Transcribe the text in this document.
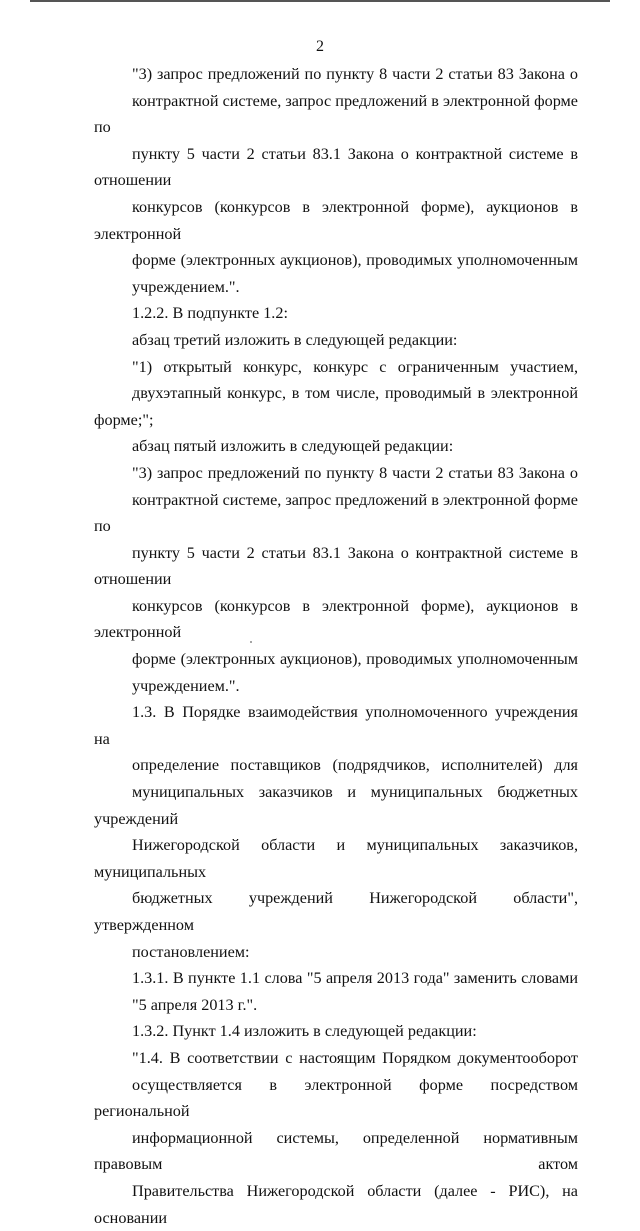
2
"3) запрос предложений по пункту 8 части 2 статьи 83 Закона о
контрактной системе, запрос предложений в электронной форме по
пункту 5 части 2 статьи 83.1 Закона о контрактной системе в отношении
конкурсов (конкурсов в электронной форме), аукционов в электронной
форме (электронных аукционов), проводимых уполномоченным
учреждением.".
1.2.2. В подпункте 1.2:
абзац третий изложить в следующей редакции:
"1) открытый конкурс, конкурс с ограниченным участием,
двухэтапный конкурс, в том числе, проводимый в электронной форме;";
абзац пятый изложить в следующей редакции:
"3) запрос предложений по пункту 8 части 2 статьи 83 Закона о
контрактной системе, запрос предложений в электронной форме по
пункту 5 части 2 статьи 83.1 Закона о контрактной системе в отношении
конкурсов (конкурсов в электронной форме), аукционов в электронной
форме (электронных аукционов), проводимых уполномоченным
учреждением.".
1.3. В Порядке взаимодействия уполномоченного учреждения на
определение поставщиков (подрядчиков, исполнителей) для
муниципальных заказчиков и муниципальных бюджетных учреждений
Нижегородской области и муниципальных заказчиков, муниципальных
бюджетных учреждений Нижегородской области", утвержденном
постановлением:
1.3.1. В пункте 1.1 слова "5 апреля 2013 года" заменить словами
"5 апреля 2013 г.".
1.3.2. Пункт 1.4 изложить в следующей редакции:
"1.4. В соответствии с настоящим Порядком документооборот
осуществляется в электронной форме посредством региональной
информационной системы, определенной нормативным правовым актом
Правительства Нижегородской области (далее - РИС), на основании
